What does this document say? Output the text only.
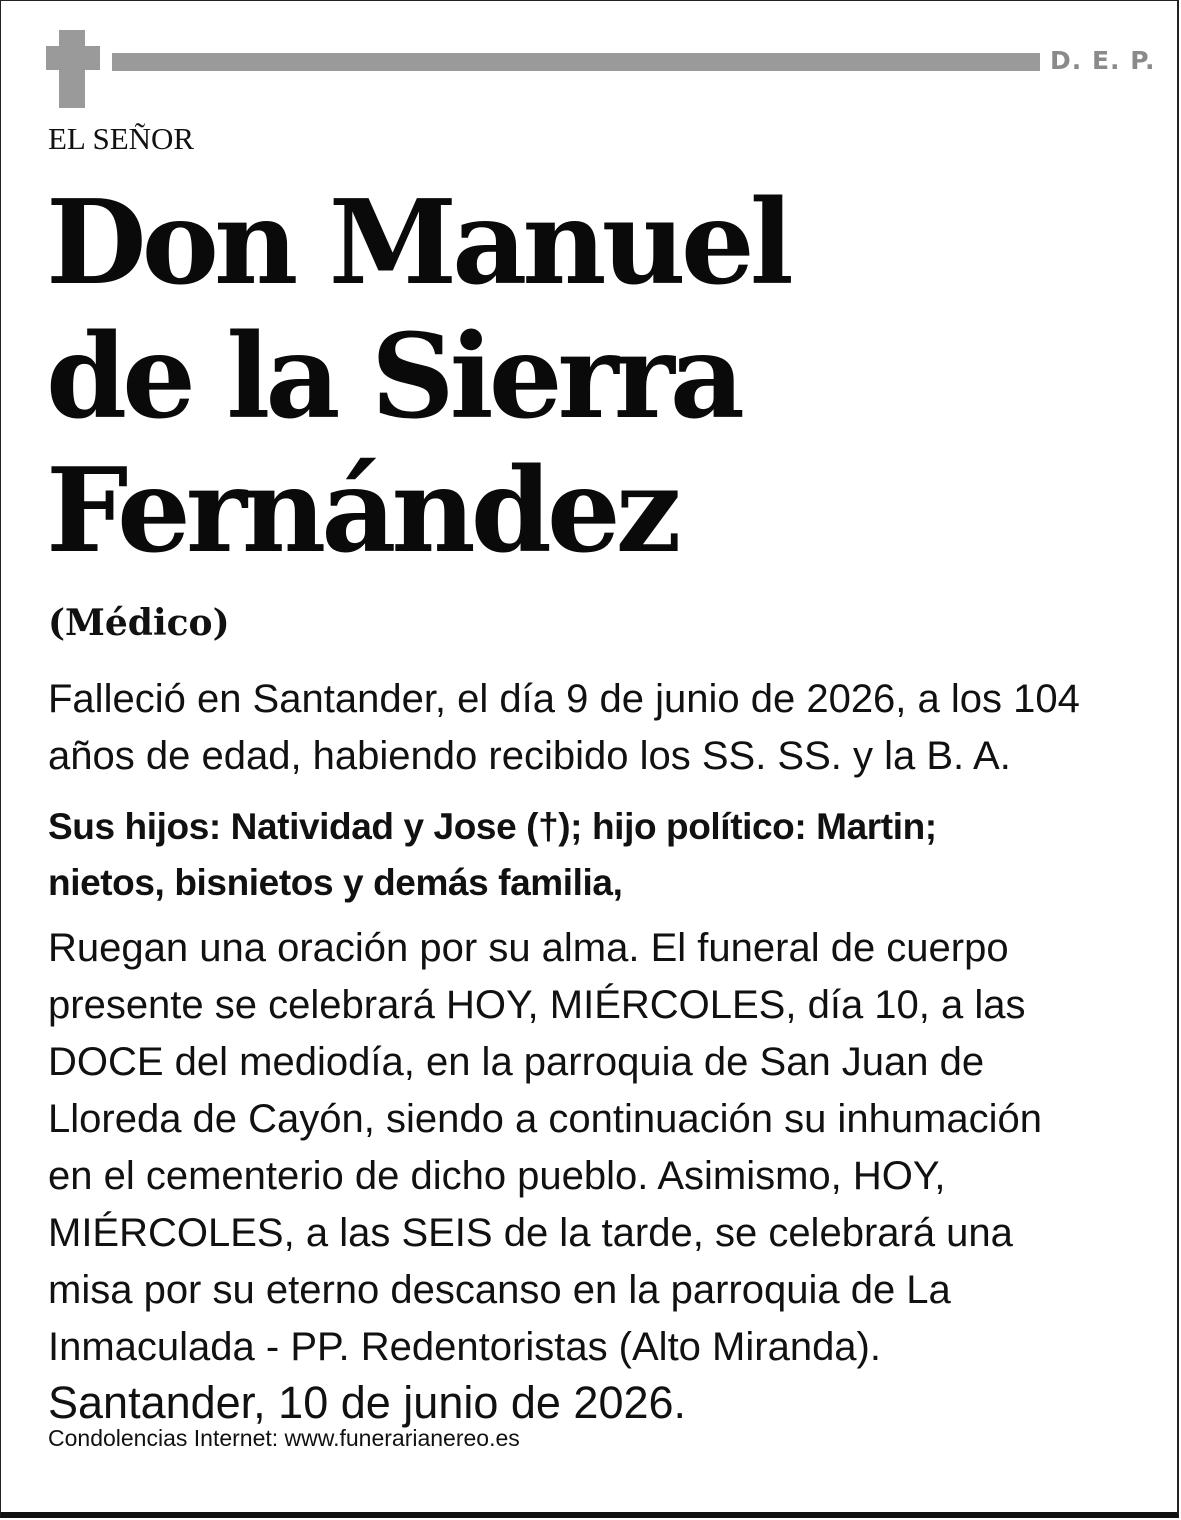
D. E. P.
EL SEÑOR
Don Manuel
de la Sierra
Fernández
(Médico)
Falleció en Santander, el día 9 de junio de 2026, a los 104
años de edad, habiendo recibido los SS. SS. y la B. A.
Sus hijos: Natividad y Jose (†); hijo político: Martin;
nietos, bisnietos y demás familia,
Ruegan una oración por su alma. El funeral de cuerpo
presente se celebrará HOY, MIÉRCOLES, día 10, a las
DOCE del mediodía, en la parroquia de San Juan de
Lloreda de Cayón, siendo a continuación su inhumación
en el cementerio de dicho pueblo. Asimismo, HOY,
MIÉRCOLES, a las SEIS de la tarde, se celebrará una
misa por su eterno descanso en la parroquia de La
Inmaculada - PP. Redentoristas (Alto Miranda).
Santander, 10 de junio de 2026.
Condolencias Internet: www.funerarianereo.es
